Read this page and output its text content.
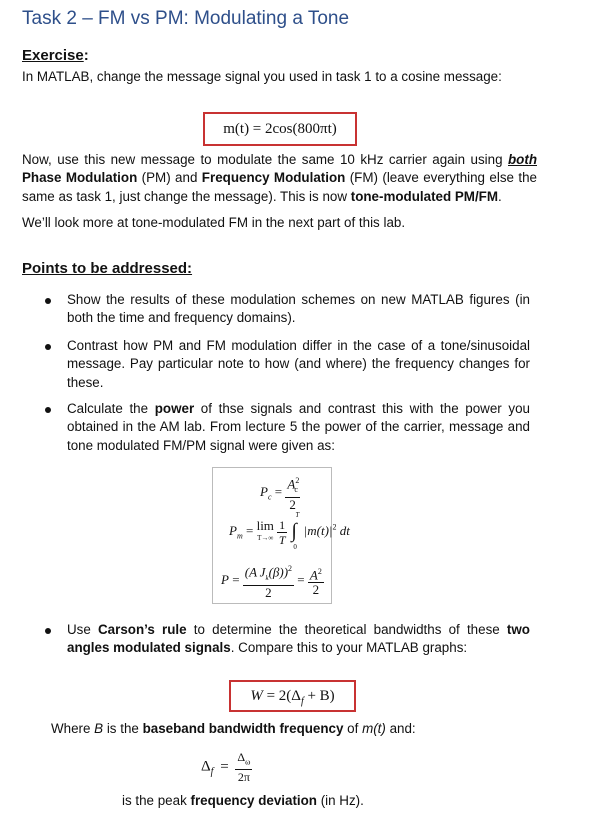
Task 2 – FM vs PM: Modulating a Tone
Exercise:
In MATLAB, change the message signal you used in task 1 to a cosine message:
m(t) = 2cos(800πt)
Now, use this new message to modulate the same 10 kHz carrier again using both Phase Modulation (PM) and Frequency Modulation (FM) (leave everything else the same as task 1, just change the message). This is now tone-modulated PM/FM.
We’ll look more at tone-modulated FM in the next part of this lab.
Points to be addressed:
Show the results of these modulation schemes on new MATLAB figures (in both the time and frequency domains).
Contrast how PM and FM modulation differ in the case of a tone/sinusoidal message. Pay particular note to how (and where) the frequency changes for these.
Calculate the power of thse signals and contrast this with the power you obtained in the AM lab. From lecture 5 the power of the carrier, message and tone modulated FM/PM signal were given as:
$P_c = \frac{A^2_c}{2}$
$P_m = \lim$
T→∞
$\frac{1}{T}$
∫
T
0
$|m(t)|^2$ dt
$P = \frac{(A J_k(\beta))^2}{2} = \frac{A^2}{2}$
Use Carson’s rule to determine the theoretical bandwidths of these two angles modulated signals. Compare this to your MATLAB graphs:
$W = 2(\Delta_f + B)$
Where B is the baseband bandwidth frequency of m(t) and:
$\Delta_f = \frac{\Delta_\omega}{2\pi}$
is the peak frequency deviation (in Hz).
